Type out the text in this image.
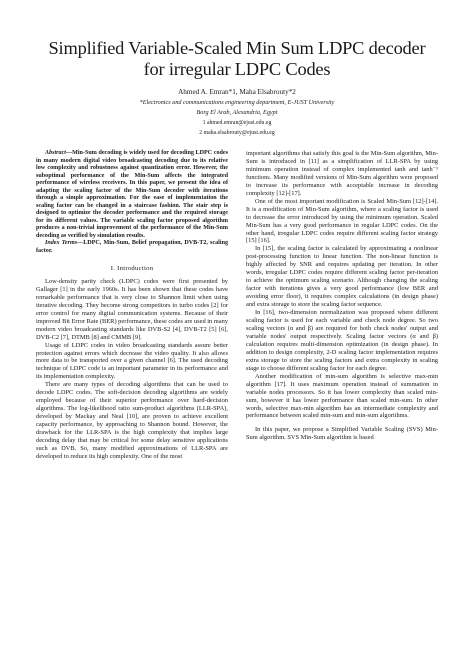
Simplified Variable-Scaled Min Sum LDPC decoder for irregular LDPC Codes
Ahmed A. Emran*1, Maha Elsabrouty*2
*Electronics and communications engineering department, E-JUST University
Borg El Arab, Alexandria, Egypt
1 ahmed.emran@ejust.edu.eg
2 maha.elsabrouty@ejust.edu.eg

Abstract—Min-Sum decoding is widely used for decoding LDPC codes in many modern digital video broadcasting decoding due to its relative low complexity and robustness against quantization error. However, the suboptimal performance of the Min-Sum affects the integrated performance of wireless receivers. In this paper, we present the idea of adapting the scaling factor of the Min-Sum decoder with iterations through a simple approximation. For the ease of implementation the scaling factor can be changed in a staircase fashion. The stair step is designed to optimize the decoder performance and the required storage for its different values. The variable scaling factor proposed algorithm produces a non-trivial improvement of the performance of the Min-Sum decoding as verified by simulation results.

Index Terms—LDPC, Min-Sum, Belief propagation, DVB-T2, scaling factor.

I. Introduction

Low-density parity check (LDPC) codes were first presented by Gallager [1] in the early 1960s. It has been shown that these codes have remarkable performance that is very close to Shannon limit when using iterative decoding. They become strong competitors to turbo codes [2] for error control for many digital communication systems. Because of their improved Bit Error Rate (BER) performance, these codes are used in many modern video broadcasting standards like DVB-S2 [4], DVB-T2 [5] [6], DVB-C2 [7], DTMB [8] and CMMB [9].

Usage of LDPC codes in video broadcasting standards assure better protection against errors which decrease the video quality. It also allows more data to be transported over a given channel [6]. The used decoding technique of LDPC code is an important parameter in its performance and its implementation complexity.

There are many types of decoding algorithms that can be used to decode LDPC codes. The soft-decision decoding algorithms are widely employed because of their superior performance over hard-decision algorithms. The log-likelihood ratio sum-product algorithms (LLR-SPA), developed by Mackay and Neal [10], are proven to achieve excellent capacity performance, by approaching to Shannon bound. However, the drawback for the LLR-SPA is the high complexity that implies large decoding delay that may be critical for some delay sensitive applications such as DVB. So, many modified approximations of LLR-SPA are developed to reduce its high complexity. One of the most

important algorithms that satisfy this goal is the Min-Sum algorithm, Min-Sum is introduced in [11] as a simplification of LLR-SPA by using minimum operation instead of complex implemented tanh and tanh⁻¹ functions. Many modified versions of Min-Sum algorithm were proposed to increase its performance with acceptable increase in decoding complexity [12]-[17].

One of the most important modification is Scaled Min-Sum [12]-[14]. It is a modification of Min-Sum algorithm, where a scaling factor is used to decrease the error introduced by using the minimum operation. Scaled Min-Sum has a very good performance in regular LDPC codes. On the other hand, irregular LDPC codes require different scaling factor strategy [15] [16].

In [15], the scaling factor is calculated by approximating a nonlinear post-processing function to linear function. The non-linear function is highly affected by SNR and requires updating per iteration. In other words, irregular LDPC codes require different scaling factor per-iteration to achieve the optimum scaling scenario. Although changing the scaling factor with iterations gives a very good performance (low BER and avoiding error floor), it requires complex calculations (in design phase) and extra storage to store the scaling factor sequence.

In [16], two-dimension normalization was proposed where different scaling factor is used for each variable and check node degree. So two scaling vectors (α and β) are required for both check nodes' output and variable nodes' output respectively. Scaling factor vectors (α and β) calculation requires multi-dimension optimization (in design phase). In addition to design complexity, 2-D scaling factor implementation requires extra storage to store the scaling factors and extra complexity in scaling stage to choose different scaling factor for each degree.

Another modification of min-sum algorithm is selective max-min algorithm [17]. It uses maximum operation instead of summation in variable nodes processors. So it has lower complexity than scaled min-sum, however it has lower performance than scaled min-sum. In other words, selective max-min algorithm has an intermediate complexity and performance between scaled min-sum and min-sum algorithms.

In this paper, we propose a Simplified Variable Scaling (SVS) Min-Sum algorithm. SVS Min-Sum algorithm is based
